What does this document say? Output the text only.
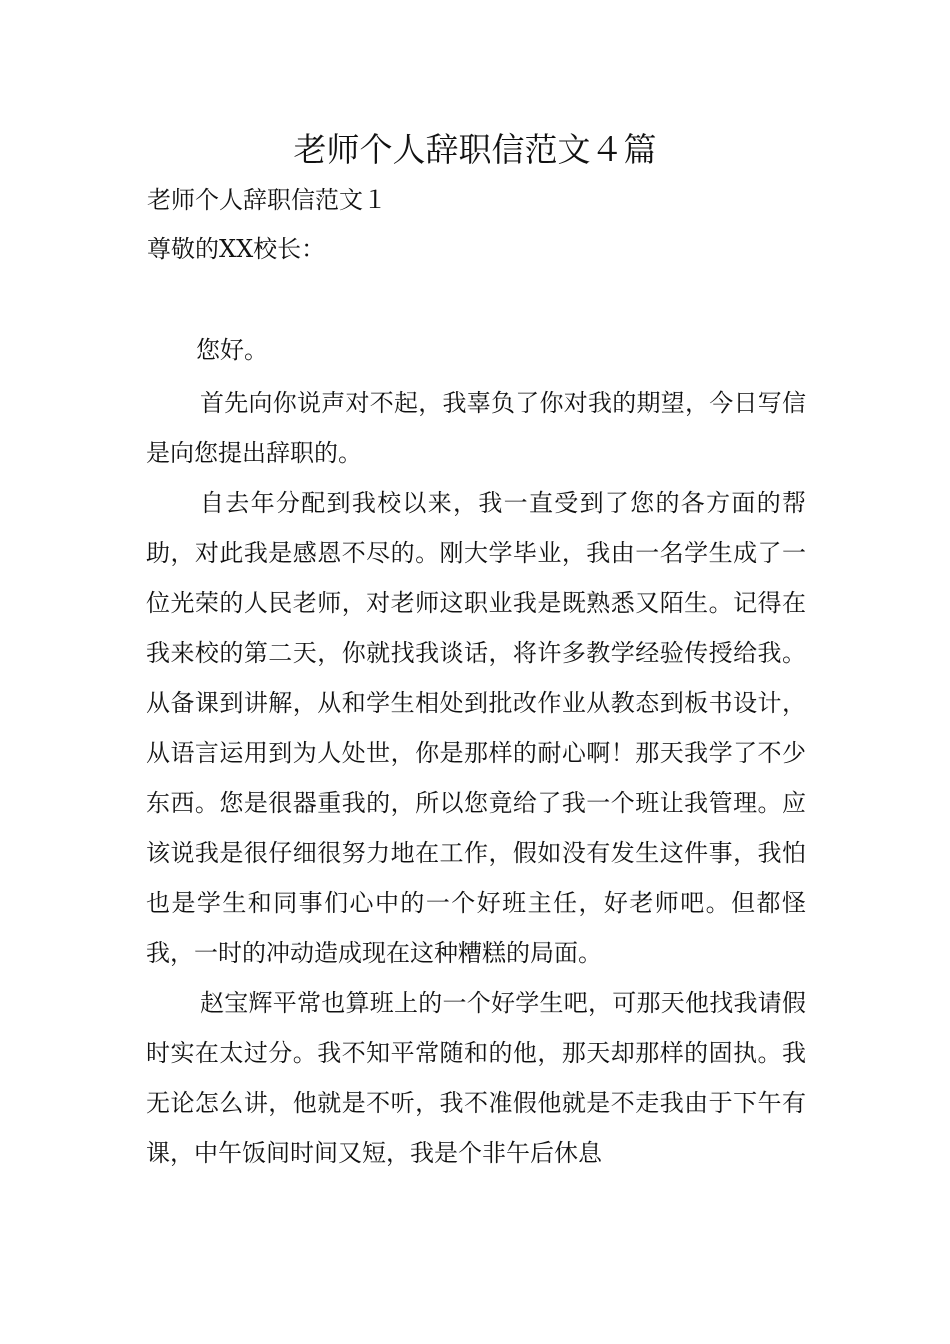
老师个人辞职信范文４篇
老师个人辞职信范文１
尊敬的XX校长：
您好。

首先向你说声对不起，我辜负了你对我的期望，今日写信是向您提出辞职的。

自去年分配到我校以来，我一直受到了您的各方面的帮助，对此我是感恩不尽的。刚大学毕业，我由一名学生成了一位光荣的人民老师，对老师这职业我是既熟悉又陌生。记得在我来校的第二天，你就找我谈话，将许多教学经验传授给我。从备课到讲解，从和学生相处到批改作业从教态到板书设计，从语言运用到为人处世，你是那样的耐心啊！那天我学了不少东西。您是很器重我的，所以您竟给了我一个班让我管理。应该说我是很仔细很努力地在工作，假如没有发生这件事，我怕也是学生和同事们心中的一个好班主任，好老师吧。但都怪我，一时的冲动造成现在这种糟糕的局面。

赵宝辉平常也算班上的一个好学生吧，可那天他找我请假时实在太过分。我不知平常随和的他，那天却那样的固执。我无论怎么讲，他就是不听，我不准假他就是不走我由于下午有课，中午饭间时间又短，我是个非午后休息
